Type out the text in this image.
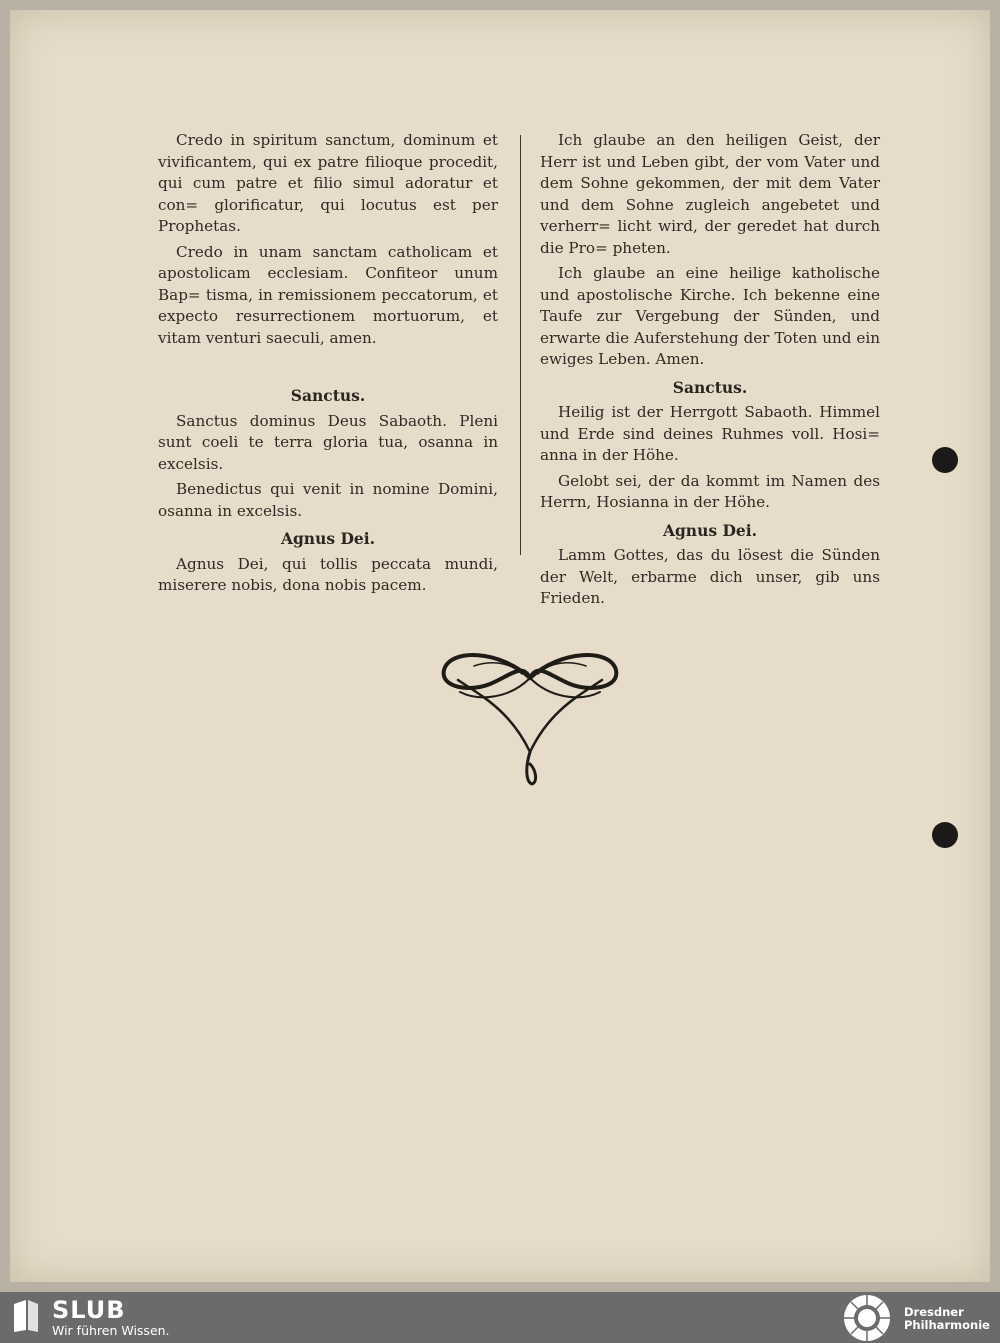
Credo in spiritum sanctum, dominum et vivificantem, qui ex patre filioque procedit, qui cum patre et filio simul adoratur et con= glorificatur, qui locutus est per Prophetas.

Credo in unam sanctam catholicam et apostolicam ecclesiam. Confiteor unum Bap= tisma, in remissionem peccatorum, et expecto resurrectionem mortuorum, et vitam venturi saeculi, amen.

Sanctus.

Sanctus dominus Deus Sabaoth. Pleni sunt coeli te terra gloria tua, osanna in excelsis.

Benedictus qui venit in nomine Domini, osanna in excelsis.

Agnus Dei.

Agnus Dei, qui tollis peccata mundi, miserere nobis, dona nobis pacem.

Ich glaube an den heiligen Geist, der Herr ist und Leben gibt, der vom Vater und dem Sohne gekommen, der mit dem Vater und dem Sohne zugleich angebetet und verherr= licht wird, der geredet hat durch die Pro= pheten.

Ich glaube an eine heilige katholische und apostolische Kirche. Ich bekenne eine Taufe zur Vergebung der Sünden, und erwarte die Auferstehung der Toten und ein ewiges Leben. Amen.

Sanctus.

Heilig ist der Herrgott Sabaoth. Himmel und Erde sind deines Ruhmes voll. Hosi= anna in der Höhe.

Gelobt sei, der da kommt im Namen des Herrn, Hosianna in der Höhe.

Agnus Dei.

Lamm Gottes, das du lösest die Sünden der Welt, erbarme dich unser, gib uns Frieden.

SLUB
Wir führen Wissen.
Dresdner
Philharmonie
